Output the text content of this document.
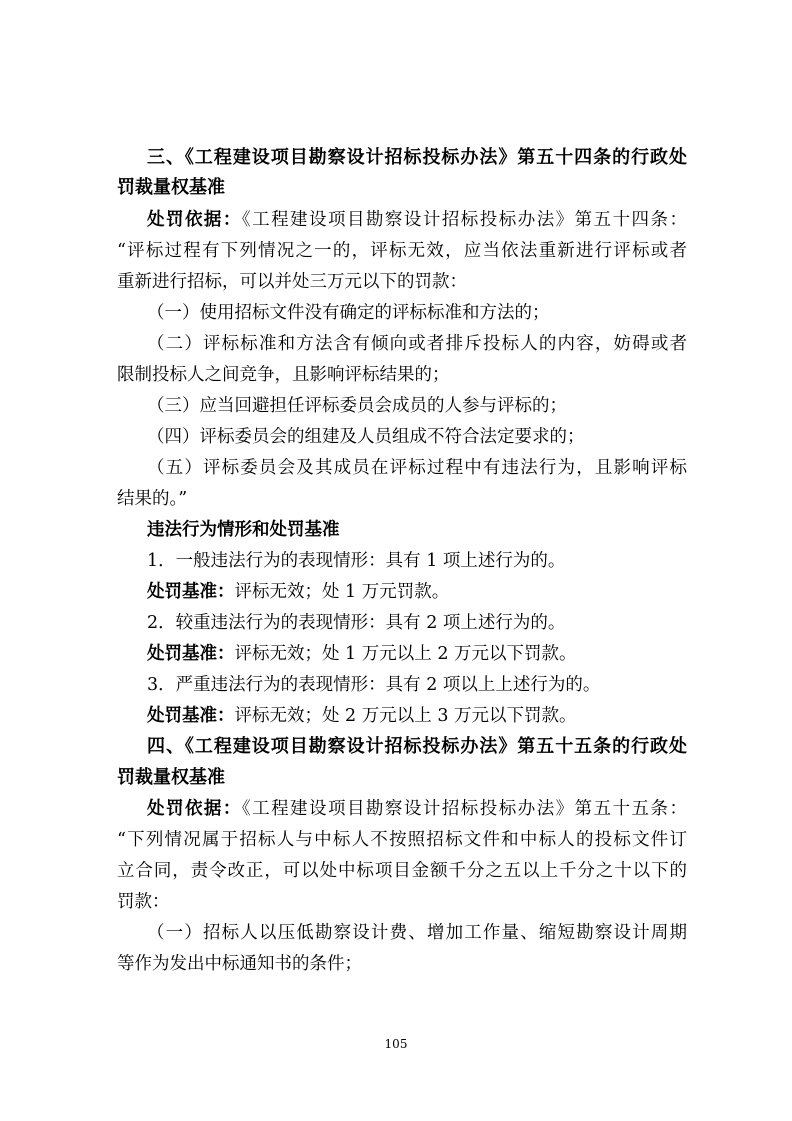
三、《工程建设项目勘察设计招标投标办法》第五十四条的行政处
罚裁量权基准
处罚依据：《工程建设项目勘察设计招标投标办法》第五十四条：
“评标过程有下列情况之一的，评标无效，应当依法重新进行评标或者
重新进行招标，可以并处三万元以下的罚款：
（一）使用招标文件没有确定的评标标准和方法的；
（二）评标标准和方法含有倾向或者排斥投标人的内容，妨碍或者
限制投标人之间竞争，且影响评标结果的；
（三）应当回避担任评标委员会成员的人参与评标的；
（四）评标委员会的组建及人员组成不符合法定要求的；
（五）评标委员会及其成员在评标过程中有违法行为，且影响评标
结果的。”
违法行为情形和处罚基准
1．一般违法行为的表现情形：具有 1 项上述行为的。
处罚基准：评标无效；处 1 万元罚款。
2．较重违法行为的表现情形：具有 2 项上述行为的。
处罚基准：评标无效；处 1 万元以上 2 万元以下罚款。
3．严重违法行为的表现情形：具有 2 项以上上述行为的。
处罚基准：评标无效；处 2 万元以上 3 万元以下罚款。
四、《工程建设项目勘察设计招标投标办法》第五十五条的行政处
罚裁量权基准
处罚依据：《工程建设项目勘察设计招标投标办法》第五十五条：
“下列情况属于招标人与中标人不按照招标文件和中标人的投标文件订
立合同，责令改正，可以处中标项目金额千分之五以上千分之十以下的
罚款：
（一）招标人以压低勘察设计费、增加工作量、缩短勘察设计周期
等作为发出中标通知书的条件；
105
